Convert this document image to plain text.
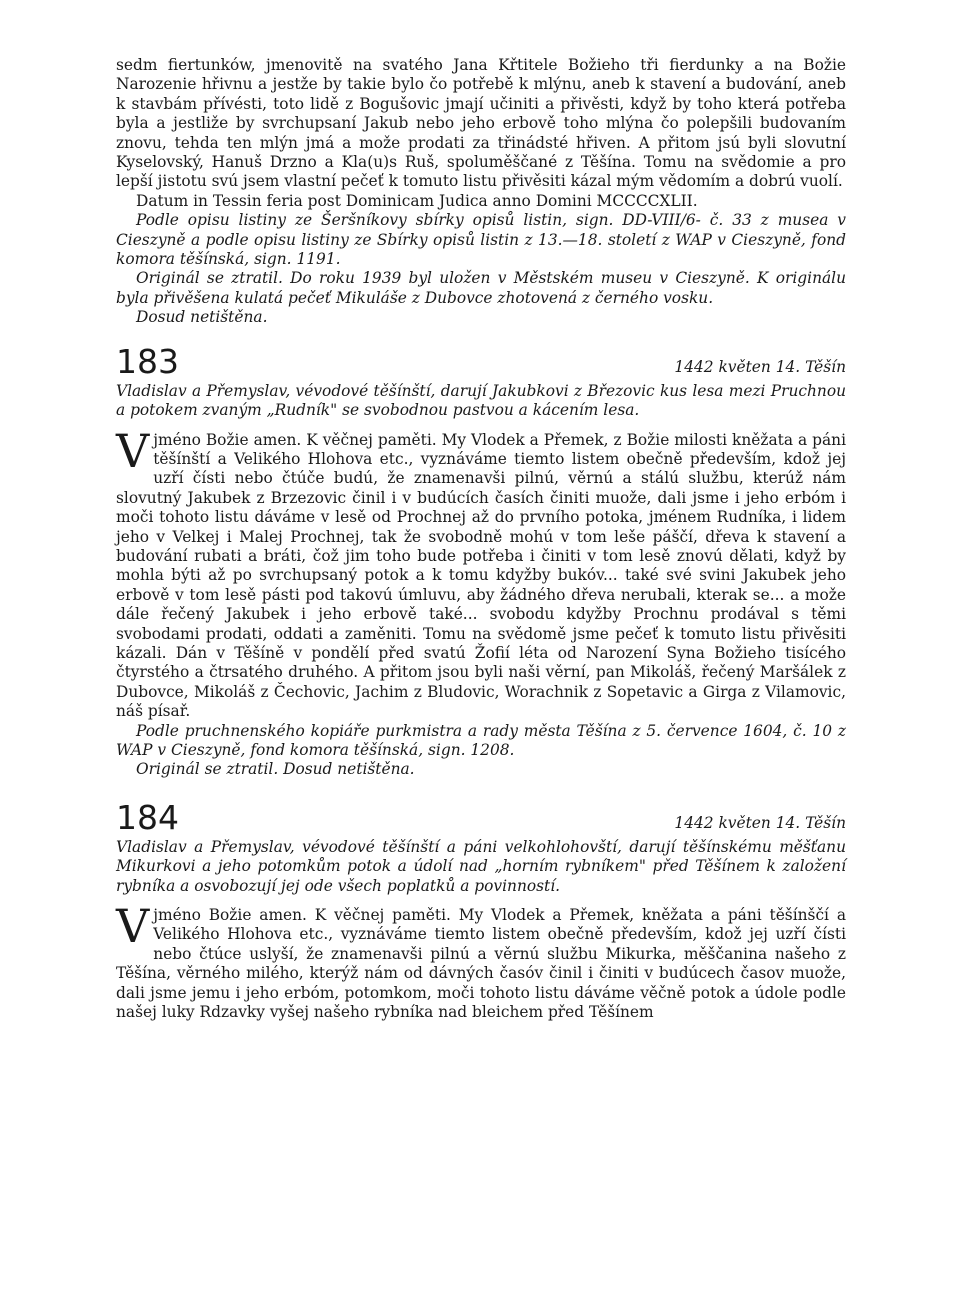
sedm fiertunków, jmenovitě na svatého Jana Křtitele Božieho tři fierdunky a na Božie Narozenie hřivnu a jestže by takie bylo čo potřebě k mlýnu, aneb k stavení a budování, aneb k stavbám přívésti, toto lidě z Bogušovic jmají učiniti a přivěsti, když by toho která potřeba byla a jestliže by svrchupsaní Jakub nebo jeho erbově toho mlýna čo polepšili budovaním znovu, tehda ten mlýn jmá a može prodati za třinádsté hřiven. A přitom jsú byli slovutní Kyselovský, Hanuš Drzno a Kla(u)s Ruš, spoluměščané z Těšína. Tomu na svědomie a pro lepší jistotu svú jsem vlastní pečeť k tomuto listu přivěsiti kázal mým vědomím a dobrú vuolí.

Datum in Tessin feria post Dominicam Judica anno Domini MCCCCXLII.

Podle opisu listiny ze Šeršníkovy sbírky opisů listin, sign. DD-VIII/6- č. 33 z musea v Cieszyně a podle opisu listiny ze Sbírky opisů listin z 13.—18. století z WAP v Cieszyně, fond komora těšínská, sign. 1191.

Originál se ztratil. Do roku 1939 byl uložen v Městském museu v Cieszyně. K originálu byla přivěšena kulatá pečeť Mikuláše z Dubovce zhotovená z černého vosku.

Dosud netištěna.

183	1442 květen 14. Těšín

Vladislav a Přemyslav, vévodové těšínští, darují Jakubkovi z Březovic kus lesa mezi Pruchnou a potokem zvaným „Rudník" se svobodnou pastvou a kácením lesa.

V jméno Božie amen. K věčnej paměti. My Vlodek a Přemek, z Božie milosti kněžata a páni těšínští a Velikého Hlohova etc., vyznáváme tiemto listem obečně především, kdož jej uzří čísti nebo čtúče budú, že znamenavši pilnú, věrnú a stálú službu, kterúž nám slovutný Jakubek z Brzezovic činil i v budúcích časích činiti muože, dali jsme i jeho erbóm i moči tohoto listu dáváme v lesě od Prochnej až do prvního potoka, jménem Rudníka, i lidem jeho v Velkej i Malej Prochnej, tak že svobodně mohú v tom leše páščí, dřeva k stavení a budování rubati a bráti, čož jim toho bude potřeba i činiti v tom lesě znovú dělati, když by mohla býti až po svrchupsaný potok a k tomu kdyžby bukóv... také své svini Jakubek jeho erbově v tom lesě pásti pod takovú úmluvu, aby žádného dřeva nerubali, kterak se... a može dále řečený Jakubek i jeho erbově také... svobodu kdyžby Prochnu prodával s těmi svobodami prodati, oddati a zaměniti. Tomu na svědomě jsme pečeť k tomuto listu přivěsiti kázali. Dán v Těšíně v pondělí před svatú Žofií léta od Narození Syna Božieho tisícého čtyrstého a čtrsatého druhého. A přitom jsou byli naši věrní, pan Mikoláš, řečený Maršálek z Dubovce, Mikoláš z Čechovic, Jachim z Bludovic, Worachnik z Sopetavic a Girga z Vilamovic, náš písař.

Podle pruchnenského kopiáře purkmistra a rady města Těšína z 5. července 1604, č. 10 z WAP v Cieszyně, fond komora těšínská, sign. 1208.

Originál se ztratil. Dosud netištěna.

184	1442 květen 14. Těšín

Vladislav a Přemyslav, vévodové těšínští a páni velkohlohovští, darují těšínskému měšťanu Mikurkovi a jeho potomkům potok a údolí nad „horním rybníkem" před Těšínem k založení rybníka a osvobozují jej ode všech poplatků a povinností.

V jméno Božie amen. K věčnej paměti. My Vlodek a Přemek, kněžata a páni těšínščí a Velikého Hlohova etc., vyznáváme tiemto listem obečně především, kdož jej uzří čísti nebo čtúce uslyší, že znamenavši pilnú a věrnú službu Mikurka, měščanina našeho z Těšína, věrného milého, kterýž nám od dávných časóv činil i činiti v budúcech časov muože, dali jsme jemu i jeho erbóm, potomkom, moči tohoto listu dáváme věčně potok a údole podle našej luky Rdzavky vyšej našeho rybníka nad bleichem před Těšínem
